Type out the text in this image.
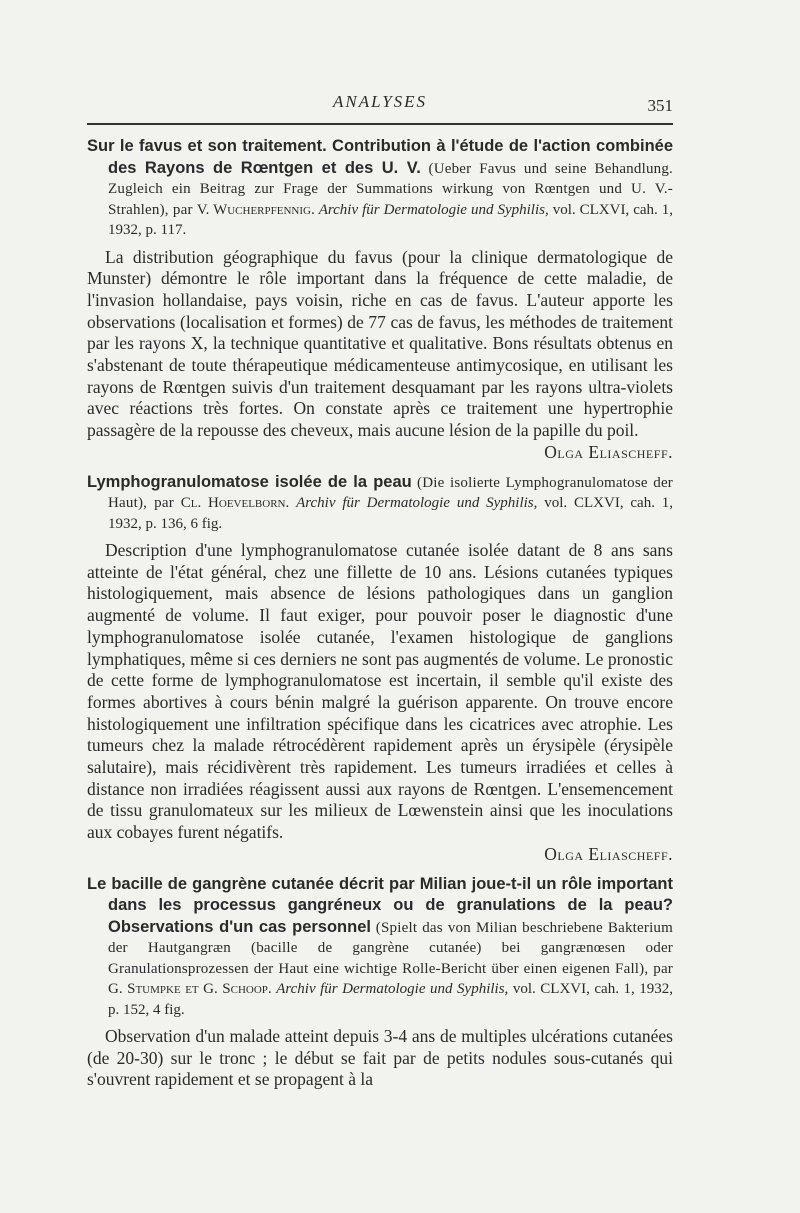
ANALYSES	351

Sur le favus et son traitement. Contribution à l'étude de l'action combinée des Rayons de Rœntgen et des U. V. (Ueber Favus und seine Behandlung. Zugleich ein Beitrag zur Frage der Summations wirkung von Rœntgen und U. V.-Strahlen), par V. Wucherpfennig. Archiv für Dermatologie und Syphilis, vol. CLXVI, cah. 1, 1932, p. 117.

La distribution géographique du favus (pour la clinique dermatologique de Munster) démontre le rôle important dans la fréquence de cette maladie, de l'invasion hollandaise, pays voisin, riche en cas de favus. L'auteur apporte les observations (localisation et formes) de 77 cas de favus, les méthodes de traitement par les rayons X, la technique quantitative et qualitative. Bons résultats obtenus en s'abstenant de toute thérapeutique médicamenteuse antimycosique, en utilisant les rayons de Rœntgen suivis d'un traitement desquamant par les rayons ultra-violets avec réactions très fortes. On constate après ce traitement une hypertrophie passagère de la repousse des cheveux, mais aucune lésion de la papille du poil.
Olga Eliascheff.

Lymphogranulomatose isolée de la peau (Die isolierte Lymphogranulomatose der Haut), par Cl. Hoevelborn. Archiv für Dermatologie und Syphilis, vol. CLXVI, cah. 1, 1932, p. 136, 6 fig.

Description d'une lymphogranulomatose cutanée isolée datant de 8 ans sans atteinte de l'état général, chez une fillette de 10 ans. Lésions cutanées typiques histologiquement, mais absence de lésions pathologiques dans un ganglion augmenté de volume. Il faut exiger, pour pouvoir poser le diagnostic d'une lymphogranulomatose isolée cutanée, l'examen histologique de ganglions lymphatiques, même si ces derniers ne sont pas augmentés de volume. Le pronostic de cette forme de lymphogranulomatose est incertain, il semble qu'il existe des formes abortives à cours bénin malgré la guérison apparente. On trouve encore histologiquement une infiltration spécifique dans les cicatrices avec atrophie. Les tumeurs chez la malade rétrocédèrent rapidement après un érysipèle (érysipèle salutaire), mais récidivèrent très rapidement. Les tumeurs irradiées et celles à distance non irradiées réagissent aussi aux rayons de Rœntgen. L'ensemencement de tissu granulomateux sur les milieux de Lœwenstein ainsi que les inoculations aux cobayes furent négatifs.
Olga Eliascheff.

Le bacille de gangrène cutanée décrit par Milian joue-t-il un rôle important dans les processus gangréneux ou de granulations de la peau? Observations d'un cas personnel (Spielt das von Milian beschriebene Bakterium der Hautgangræn (bacille de gangrène cutanée) bei gangrænœsen oder Granulationsprozessen der Haut eine wichtige Rolle-Bericht über einen eigenen Fall), par G. Stumpke et G. Schoop. Archiv für Dermatologie und Syphilis, vol. CLXVI, cah. 1, 1932, p. 152, 4 fig.

Observation d'un malade atteint depuis 3-4 ans de multiples ulcérations cutanées (de 20-30) sur le tronc ; le début se fait par de petits nodules sous-cutanés qui s'ouvrent rapidement et se propagent à la
